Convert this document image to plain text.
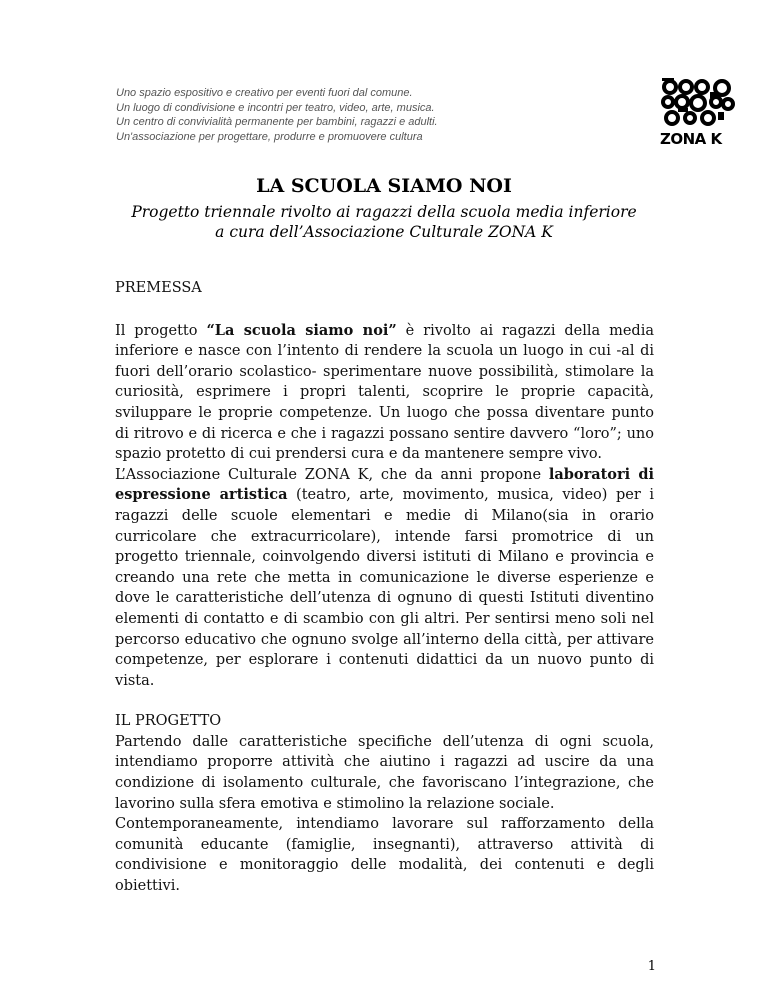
Uno spazio espositivo e creativo per eventi fuori dal comune.
Un luogo di condivisione e incontri per teatro, video, arte, musica.
Un centro di convivialità permanente per bambini, ragazzi e adulti.
Un'associazione per progettare, produrre e promuovere cultura	ZONA K
LA SCUOLA SIAMO NOI
Progetto triennale rivolto ai ragazzi della scuola media inferiore
a cura dell’Associazione Culturale ZONA K
PREMESSA

Il progetto “La scuola siamo noi” è rivolto ai ragazzi della media inferiore e nasce con l’intento di rendere la scuola un luogo in cui -al di fuori dell’orario scolastico- sperimentare nuove possibilità, stimolare la curiosità, esprimere i propri talenti, scoprire le proprie capacità, sviluppare le proprie competenze. Un luogo che possa diventare punto di ritrovo e di ricerca e che i ragazzi possano sentire davvero “loro”; uno spazio protetto di cui prendersi cura e da mantenere sempre vivo.

L’Associazione Culturale ZONA K, che da anni propone laboratori di espressione artistica (teatro, arte, movimento, musica, video) per i ragazzi delle scuole elementari e medie di Milano(sia in orario curricolare che extracurricolare), intende farsi promotrice di un progetto triennale, coinvolgendo diversi istituti di Milano e provincia e creando una rete che metta in comunicazione le diverse esperienze e dove le caratteristiche dell’utenza di ognuno di questi Istituti diventino elementi di contatto e di scambio con gli altri. Per sentirsi meno soli nel percorso educativo che ognuno svolge all’interno della città, per attivare competenze, per esplorare i contenuti didattici da un nuovo punto di vista.

IL PROGETTO

Partendo dalle caratteristiche specifiche dell’utenza di ogni scuola, intendiamo proporre attività che aiutino i ragazzi ad uscire da una condizione di isolamento culturale, che favoriscano l’integrazione, che lavorino sulla sfera emotiva e stimolino la relazione sociale.

Contemporaneamente, intendiamo lavorare sul rafforzamento della comunità educante (famiglie, insegnanti), attraverso attività di condivisione e monitoraggio delle modalità, dei contenuti e degli obiettivi.

1
